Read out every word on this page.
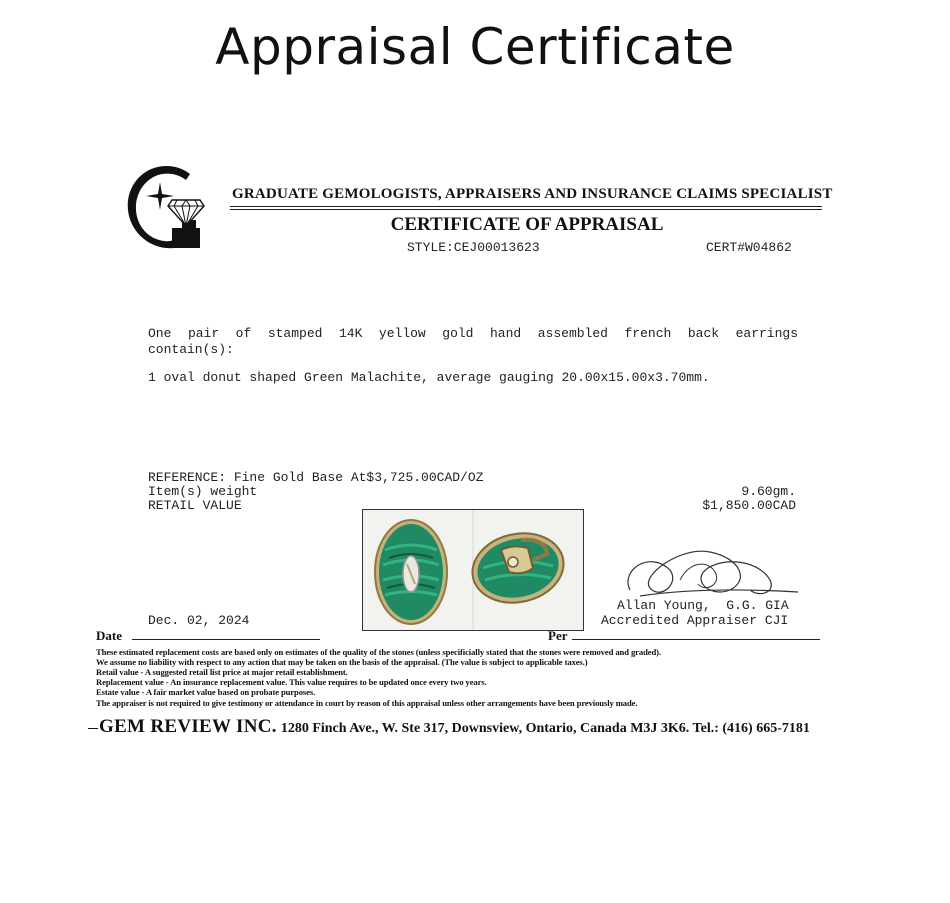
Appraisal Certificate
GRADUATE GEMOLOGISTS, APPRAISERS AND INSURANCE CLAIMS SPECIALIST
CERTIFICATE OF APPRAISAL
STYLE:CEJ00013623	CERT#W04862
One pair of stamped 14K yellow gold hand assembled french back earrings
contain(s):
1 oval donut shaped Green Malachite, average gauging 20.00x15.00x3.70mm.
REFERENCE: Fine Gold Base At$3,725.00CAD/OZ
Item(s) weight	9.60gm.
RETAIL VALUE	$1,850.00CAD
Dec. 02, 2024
Allan Young,  G.G. GIA
Accredited Appraiser CJI
Date	Per
These estimated replacement costs are based only on estimates of the quality of the stones (unless specificially stated that the stones were removed and graded).
We assume no liability with respect to any action that may be taken on the basis of the appraisal. (The value is subject to applicable taxes.)
Retail value - A suggested retail list price at major retail establishment.
Replacement value - An insurance replacement value. This value requires to be updated once every two years.
Estate value - A fair market value based on probate purposes.
The appraiser is not required to give testimony or attendance in court by reason of this appraisal unless other arrangements have been previously made.
GEM REVIEW INC. 1280 Finch Ave., W. Ste 317, Downsview, Ontario, Canada M3J 3K6. Tel.: (416) 665-7181
